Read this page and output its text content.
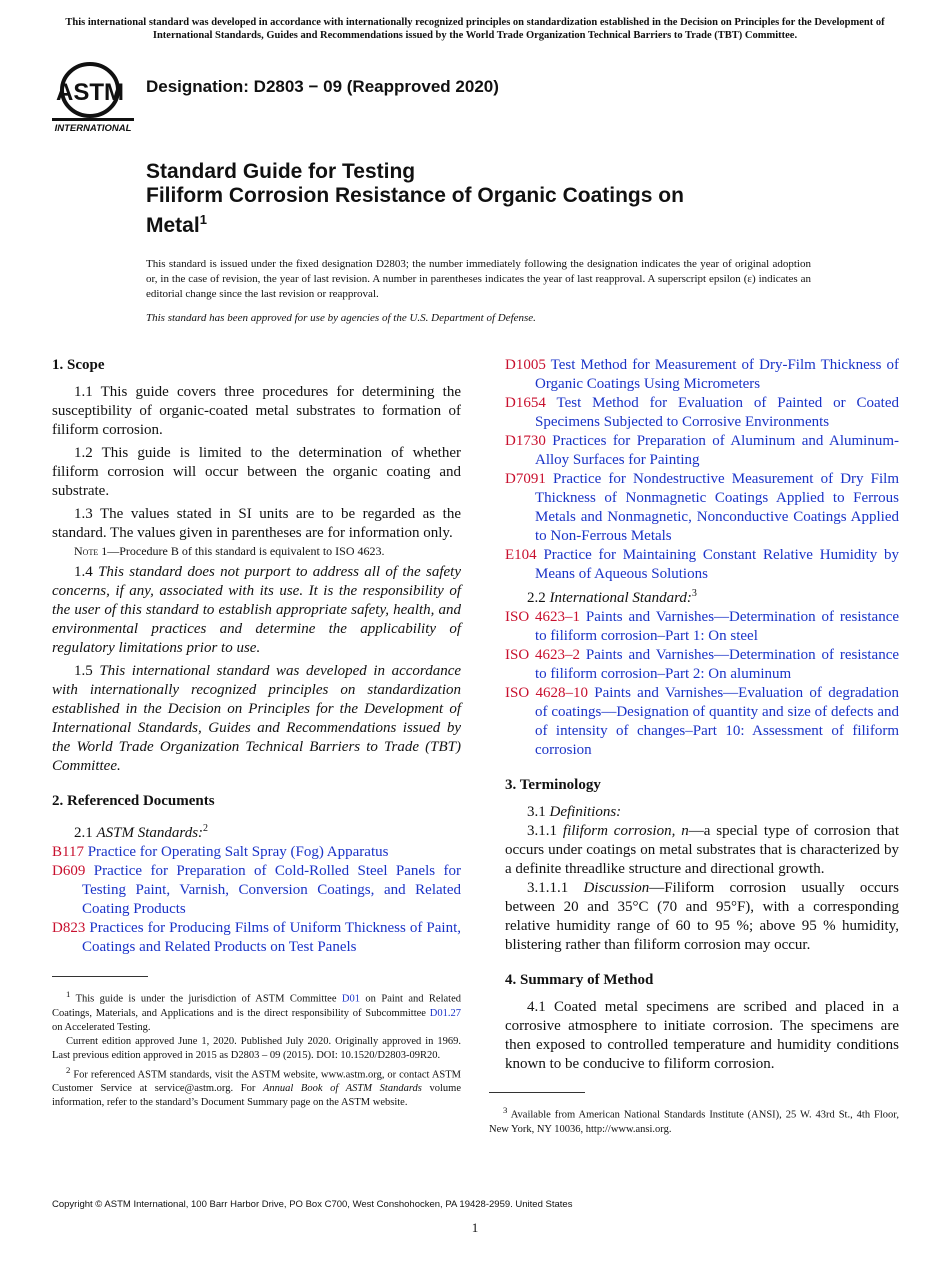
This international standard was developed in accordance with internationally recognized principles on standardization established in the Decision on Principles for the Development of International Standards, Guides and Recommendations issued by the World Trade Organization Technical Barriers to Trade (TBT) Committee.
ASTM
INTERNATIONAL
Designation: D2803 − 09 (Reapproved 2020)
Standard Guide for Testing
Filiform Corrosion Resistance of Organic Coatings on
Metal$^1$
This standard is issued under the fixed designation D2803; the number immediately following the designation indicates the year of original adoption or, in the case of revision, the year of last revision. A number in parentheses indicates the year of last reapproval. A superscript epsilon (ε) indicates an editorial change since the last revision or reapproval.
This standard has been approved for use by agencies of the U.S. Department of Defense.

1. Scope

1.1 This guide covers three procedures for determining the susceptibility of organic-coated metal substrates to formation of filiform corrosion.

1.2 This guide is limited to the determination of whether filiform corrosion will occur between the organic coating and substrate.

1.3 The values stated in SI units are to be regarded as the standard. The values given in parentheses are for information only.

Note 1—Procedure B of this standard is equivalent to ISO 4623.

1.4 This standard does not purport to address all of the safety concerns, if any, associated with its use. It is the responsibility of the user of this standard to establish appropriate safety, health, and environmental practices and determine the applicability of regulatory limitations prior to use.

1.5 This international standard was developed in accordance with internationally recognized principles on standardization established in the Decision on Principles for the Development of International Standards, Guides and Recommendations issued by the World Trade Organization Technical Barriers to Trade (TBT) Committee.

2. Referenced Documents

2.1 ASTM Standards:$^2$

B117 Practice for Operating Salt Spray (Fog) Apparatus

D609 Practice for Preparation of Cold-Rolled Steel Panels for Testing Paint, Varnish, Conversion Coatings, and Related Coating Products

D823 Practices for Producing Films of Uniform Thickness of Paint, Coatings and Related Products on Test Panels

$^1$ This guide is under the jurisdiction of ASTM Committee D01 on Paint and Related Coatings, Materials, and Applications and is the direct responsibility of Subcommittee D01.27 on Accelerated Testing.

Current edition approved June 1, 2020. Published July 2020. Originally approved in 1969. Last previous edition approved in 2015 as D2803 – 09 (2015). DOI: 10.1520/D2803-09R20.

$^2$ For referenced ASTM standards, visit the ASTM website, www.astm.org, or contact ASTM Customer Service at service@astm.org. For Annual Book of ASTM Standards volume information, refer to the standard’s Document Summary page on the ASTM website.

D1005 Test Method for Measurement of Dry-Film Thickness of Organic Coatings Using Micrometers

D1654 Test Method for Evaluation of Painted or Coated Specimens Subjected to Corrosive Environments

D1730 Practices for Preparation of Aluminum and Aluminum-Alloy Surfaces for Painting

D7091 Practice for Nondestructive Measurement of Dry Film Thickness of Nonmagnetic Coatings Applied to Ferrous Metals and Nonmagnetic, Nonconductive Coatings Applied to Non-Ferrous Metals

E104 Practice for Maintaining Constant Relative Humidity by Means of Aqueous Solutions

2.2 International Standard:$^3$

ISO 4623–1 Paints and Varnishes—Determination of resistance to filiform corrosion–Part 1: On steel

ISO 4623–2 Paints and Varnishes—Determination of resistance to filiform corrosion–Part 2: On aluminum

ISO 4628–10 Paints and Varnishes—Evaluation of degradation of coatings—Designation of quantity and size of defects and of intensity of changes–Part 10: Assessment of filiform corrosion

3. Terminology

3.1 Definitions:

3.1.1 filiform corrosion, n—a special type of corrosion that occurs under coatings on metal substrates that is characterized by a definite threadlike structure and directional growth.

3.1.1.1 Discussion—Filiform corrosion usually occurs between 20 and 35°C (70 and 95°F), with a corresponding relative humidity range of 60 to 95 %; above 95 % humidity, blistering rather than filiform corrosion may occur.

4. Summary of Method

4.1 Coated metal specimens are scribed and placed in a corrosive atmosphere to initiate corrosion. The specimens are then exposed to controlled temperature and humidity conditions known to be conducive to filiform corrosion.

$^3$ Available from American National Standards Institute (ANSI), 25 W. 43rd St., 4th Floor, New York, NY 10036, http://www.ansi.org.

Copyright © ASTM International, 100 Barr Harbor Drive, PO Box C700, West Conshohocken, PA 19428-2959. United States
1
